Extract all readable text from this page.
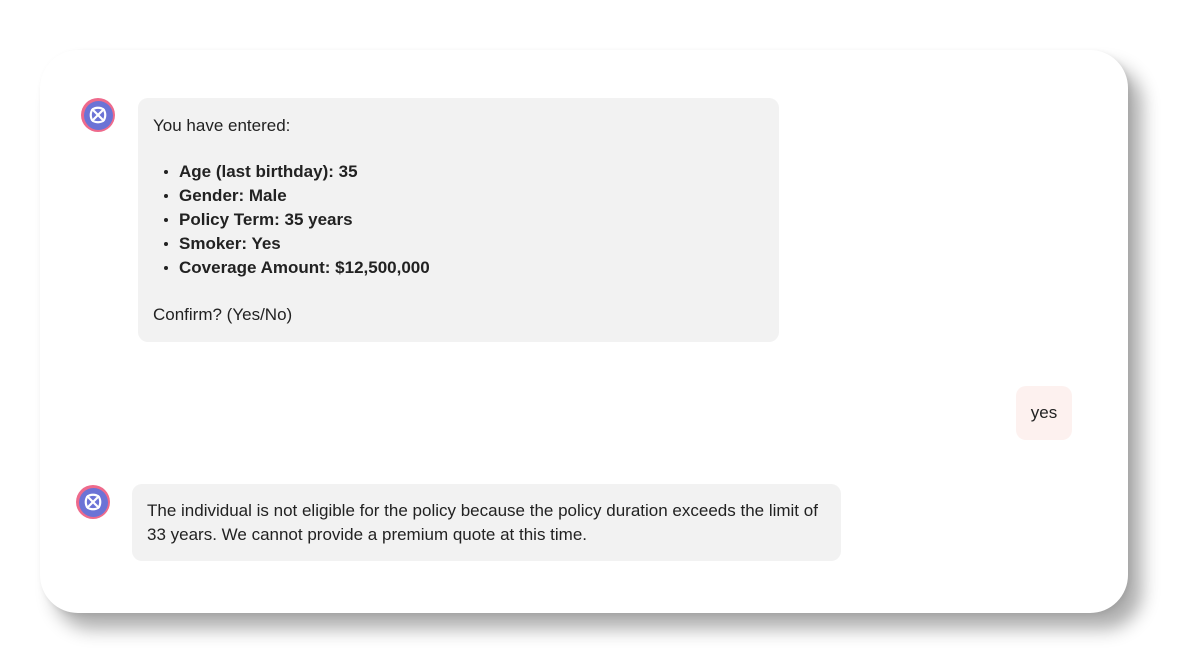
You have entered:

Age (last birthday): 35
Gender: Male
Policy Term: 35 years
Smoker: Yes
Coverage Amount: $12,500,000

Confirm? (Yes/No)

yes
The individual is not eligible for the policy because the policy duration exceeds the limit of 33 years. We cannot provide a premium quote at this time.
